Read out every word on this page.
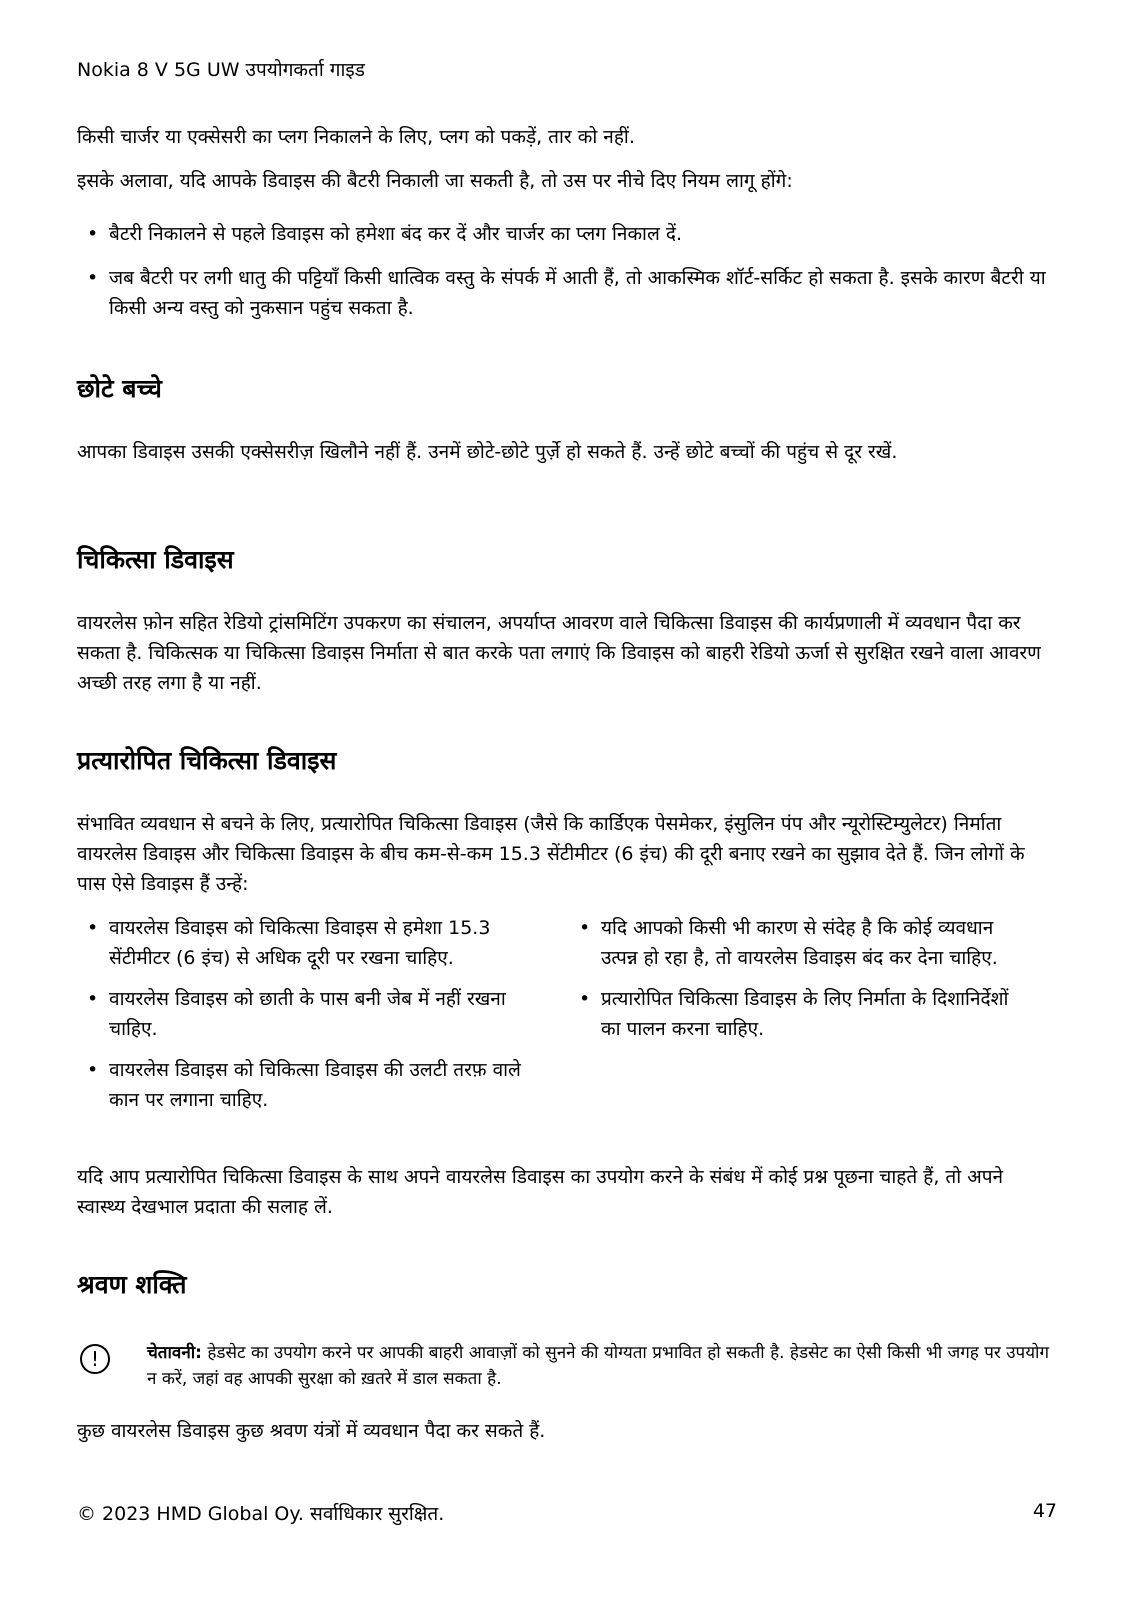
Nokia 8 V 5G UW उपयोगकर्ता गाइड

किसी चार्जर या एक्सेसरी का प्लग निकालने के लिए, प्लग को पकड़ें, तार को नहीं.

इसके अलावा, यदि आपके डिवाइस की बैटरी निकाली जा सकती है, तो उस पर नीचे दिए नियम लागू होंगे:

• बैटरी निकालने से पहले डिवाइस को हमेशा बंद कर दें और चार्जर का प्लग निकाल दें.
• जब बैटरी पर लगी धातु की पट्टियाँ किसी धात्विक वस्तु के संपर्क में आती हैं, तो आकस्मिक शॉर्ट-सर्किट हो सकता है. इसके कारण बैटरी या किसी अन्य वस्तु को नुकसान पहुंच सकता है.
छोटे बच्चे

आपका डिवाइस उसकी एक्सेसरीज़ खिलौने नहीं हैं. उनमें छोटे-छोटे पुर्ज़े हो सकते हैं. उन्हें छोटे बच्चों की पहुंच से दूर रखें.

चिकित्सा डिवाइस

वायरलेस फ़ोन सहित रेडियो ट्रांसमिटिंग उपकरण का संचालन, अपर्याप्त आवरण वाले चिकित्सा डिवाइस की कार्यप्रणाली में व्यवधान पैदा कर सकता है. चिकित्सक या चिकित्सा डिवाइस निर्माता से बात करके पता लगाएं कि डिवाइस को बाहरी रेडियो ऊर्जा से सुरक्षित रखने वाला आवरण अच्छी तरह लगा है या नहीं.

प्रत्यारोपित चिकित्सा डिवाइस

संभावित व्यवधान से बचने के लिए, प्रत्यारोपित चिकित्सा डिवाइस (जैसे कि कार्डिएक पेसमेकर, इंसुलिन पंप और न्यूरोस्टिम्युलेटर) निर्माता वायरलेस डिवाइस और चिकित्सा डिवाइस के बीच कम-से-कम 15.3 सेंटीमीटर (6 इंच) की दूरी बनाए रखने का सुझाव देते हैं. जिन लोगों के पास ऐसे डिवाइस हैं उन्हें:

• वायरलेस डिवाइस को चिकित्सा डिवाइस से हमेशा 15.3 सेंटीमीटर (6 इंच) से अधिक दूरी पर रखना चाहिए.
• वायरलेस डिवाइस को छाती के पास बनी जेब में नहीं रखना चाहिए.
• वायरलेस डिवाइस को चिकित्सा डिवाइस की उलटी तरफ़ वाले कान पर लगाना चाहिए.
• यदि आपको किसी भी कारण से संदेह है कि कोई व्यवधान उत्पन्न हो रहा है, तो वायरलेस डिवाइस बंद कर देना चाहिए.
• प्रत्यारोपित चिकित्सा डिवाइस के लिए निर्माता के दिशानिर्देशों का पालन करना चाहिए.

यदि आप प्रत्यारोपित चिकित्सा डिवाइस के साथ अपने वायरलेस डिवाइस का उपयोग करने के संबंध में कोई प्रश्न पूछना चाहते हैं, तो अपने स्वास्थ्य देखभाल प्रदाता की सलाह लें.

श्रवण शक्ति
!	चेतावनी: हेडसेट का उपयोग करने पर आपकी बाहरी आवाज़ों को सुनने की योग्यता प्रभावित हो सकती है. हेडसेट का ऐसी किसी भी जगह पर उपयोग न करें, जहां वह आपकी सुरक्षा को ख़तरे में डाल सकता है.

कुछ वायरलेस डिवाइस कुछ श्रवण यंत्रों में व्यवधान पैदा कर सकते हैं.

© 2023 HMD Global Oy. सर्वाधिकार सुरक्षित.	47
